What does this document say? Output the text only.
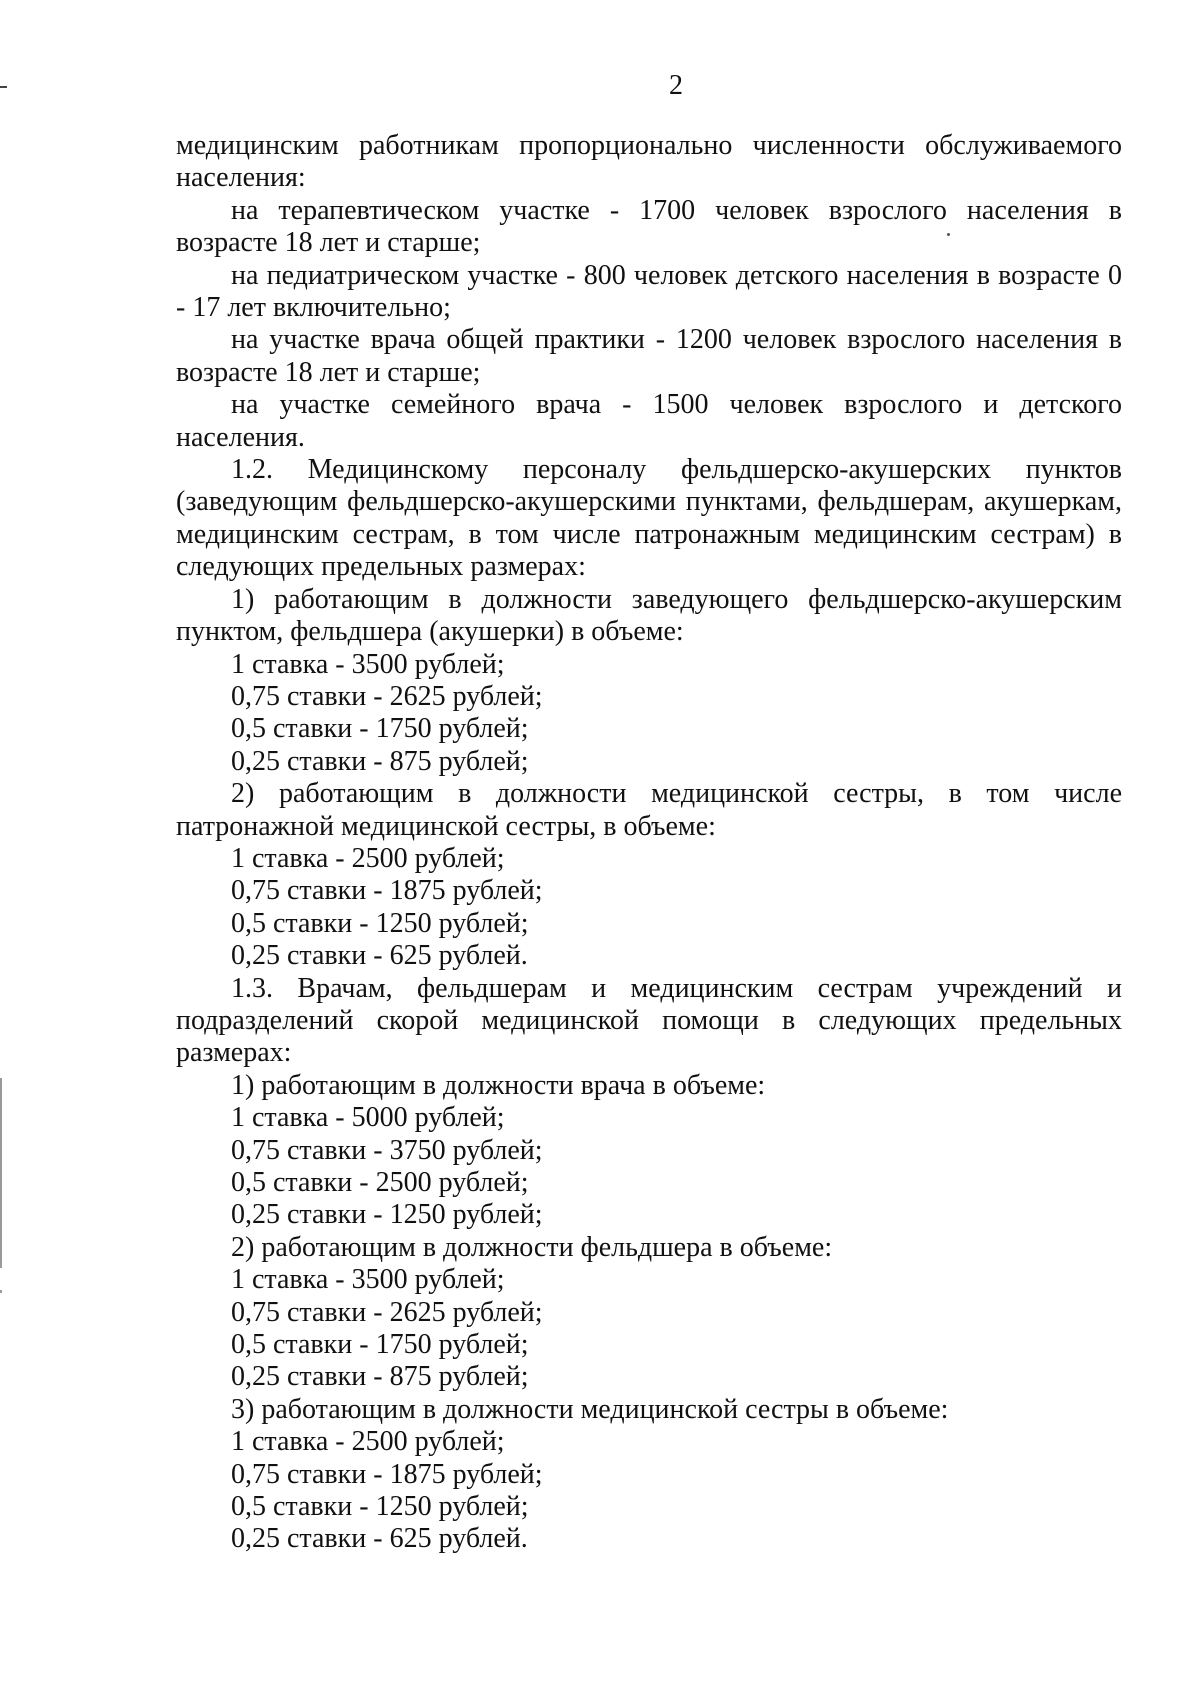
2

медицинским работникам пропорционально численности обслуживаемого населения:

на терапевтическом участке - 1700 человек взрослого населения в возрасте 18 лет и старше;

на педиатрическом участке - 800 человек детского населения в возрасте 0 - 17 лет включительно;

на участке врача общей практики - 1200 человек взрослого населения в возрасте 18 лет и старше;

на участке семейного врача - 1500 человек взрослого и детского населения.

1.2. Медицинскому персоналу фельдшерско-акушерских пунктов (заведующим фельдшерско-акушерскими пунктами, фельдшерам, акушеркам, медицинским сестрам, в том числе патронажным медицинским сестрам) в следующих предельных размерах:

1) работающим в должности заведующего фельдшерско-акушерским пунктом, фельдшера (акушерки) в объеме:

1 ставка - 3500 рублей;

0,75 ставки - 2625 рублей;

0,5 ставки - 1750 рублей;

0,25 ставки - 875 рублей;

2) работающим в должности медицинской сестры, в том числе патронажной медицинской сестры, в объеме:

1 ставка - 2500 рублей;

0,75 ставки - 1875 рублей;

0,5 ставки - 1250 рублей;

0,25 ставки - 625 рублей.

1.3. Врачам, фельдшерам и медицинским сестрам учреждений и подразделений скорой медицинской помощи в следующих предельных размерах:

1) работающим в должности врача в объеме:

1 ставка - 5000 рублей;

0,75 ставки - 3750 рублей;

0,5 ставки - 2500 рублей;

0,25 ставки - 1250 рублей;

2) работающим в должности фельдшера в объеме:

1 ставка - 3500 рублей;

0,75 ставки - 2625 рублей;

0,5 ставки - 1750 рублей;

0,25 ставки - 875 рублей;

3) работающим в должности медицинской сестры в объеме:

1 ставка - 2500 рублей;

0,75 ставки - 1875 рублей;

0,5 ставки - 1250 рублей;

0,25 ставки - 625 рублей.
